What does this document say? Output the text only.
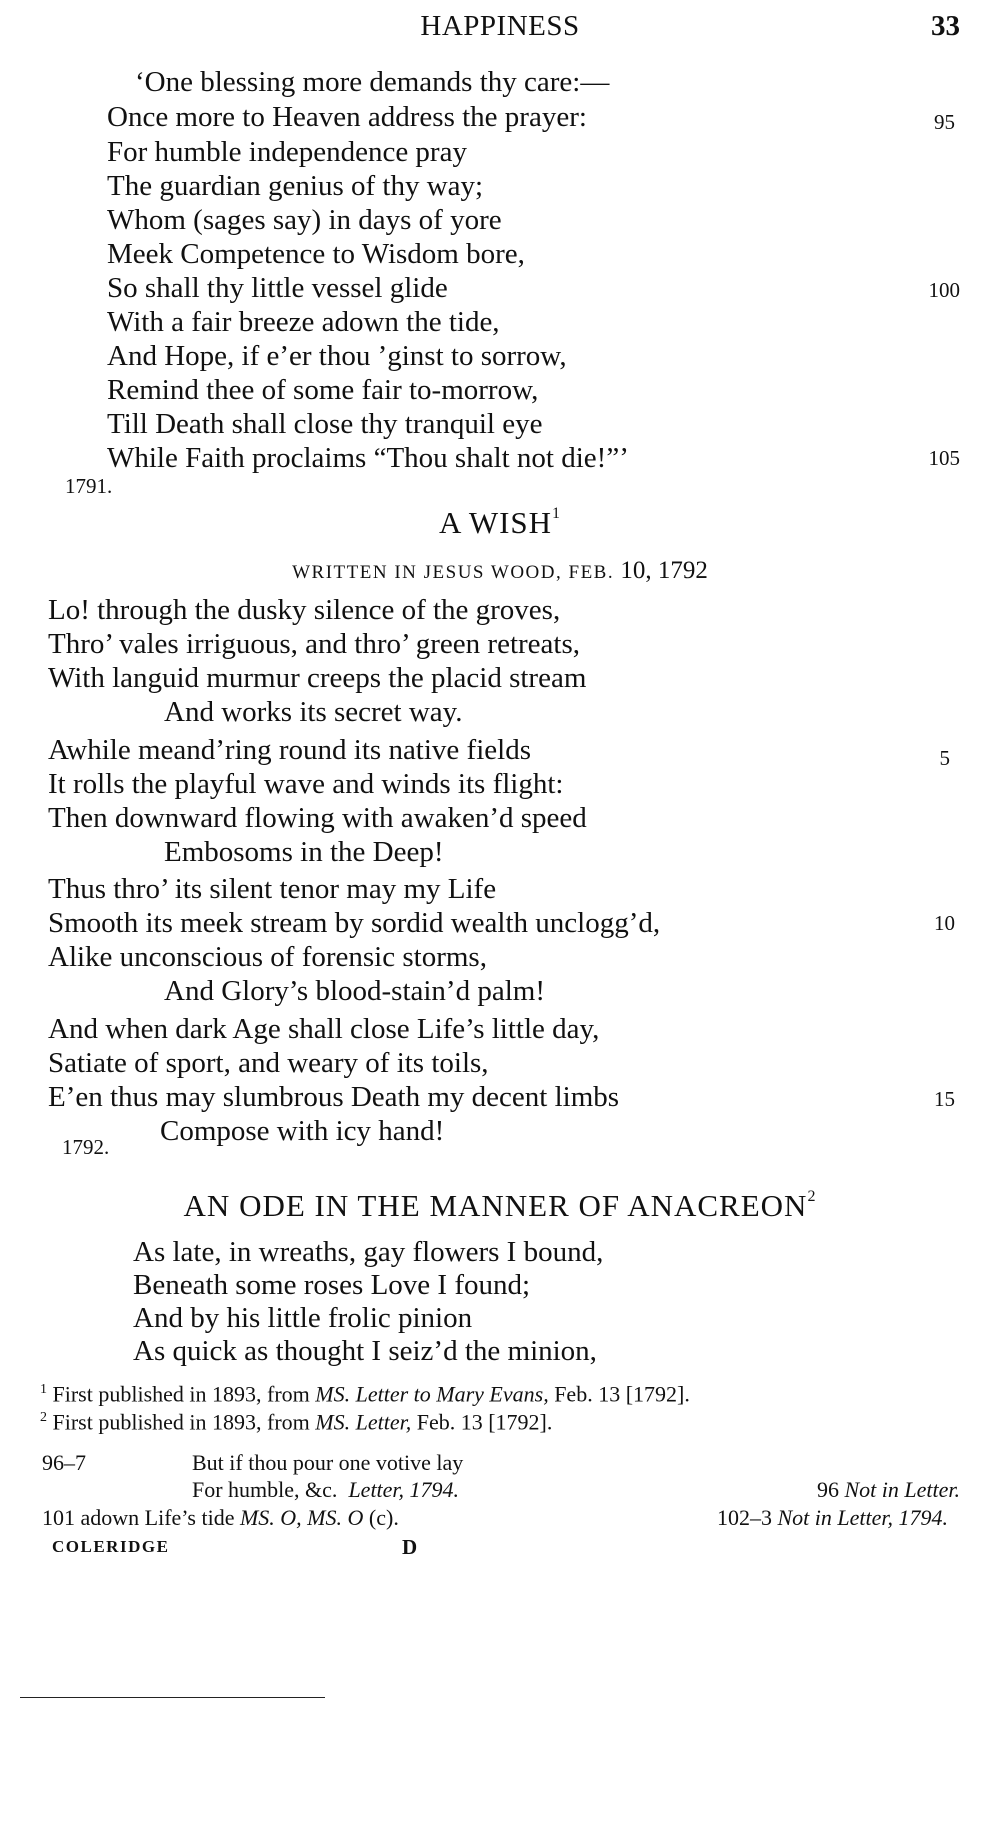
HAPPINESS	33
‘One blessing more demands thy care:—
Once more to Heaven address the prayer:
For humble independence pray
The guardian genius of thy way;
Whom (sages say) in days of yore
Meek Competence to Wisdom bore,
So shall thy little vessel glide
With a fair breeze adown the tide,
And Hope, if e’er thou ’ginst to sorrow,
Remind thee of some fair to-morrow,
Till Death shall close thy tranquil eye
While Faith proclaims “Thou shalt not die!”’
95
100
105
1791.
A WISH$^1$
WRITTEN IN JESUS WOOD, FEB. 10, 1792
Lo! through the dusky silence of the groves,
Thro’ vales irriguous, and thro’ green retreats,
With languid murmur creeps the placid stream
And works its secret way.
Awhile meand’ring round its native fields
It rolls the playful wave and winds its flight:
Then downward flowing with awaken’d speed
Embosoms in the Deep!
Thus thro’ its silent tenor may my Life
Smooth its meek stream by sordid wealth unclogg’d,
Alike unconscious of forensic storms,
And Glory’s blood-stain’d palm!
And when dark Age shall close Life’s little day,
Satiate of sport, and weary of its toils,
E’en thus may slumbrous Death my decent limbs
Compose with icy hand!
5
10
15
1792.
AN ODE IN THE MANNER OF ANACREON$^2$
As late, in wreaths, gay flowers I bound,
Beneath some roses Love I found;
And by his little frolic pinion
As quick as thought I seiz’d the minion,
$^1$ First published in 1893, from MS. Letter to Mary Evans, Feb. 13 [1792].
$^2$ First published in 1893, from MS. Letter, Feb. 13 [1792].
96–7	But if thou pour one votive lay
For humble, &c. Letter, 1794.	96 Not in Letter.
101 adown Life’s tide MS. O, MS. O (c).	102–3 Not in Letter, 1794.
COLERIDGE	D
